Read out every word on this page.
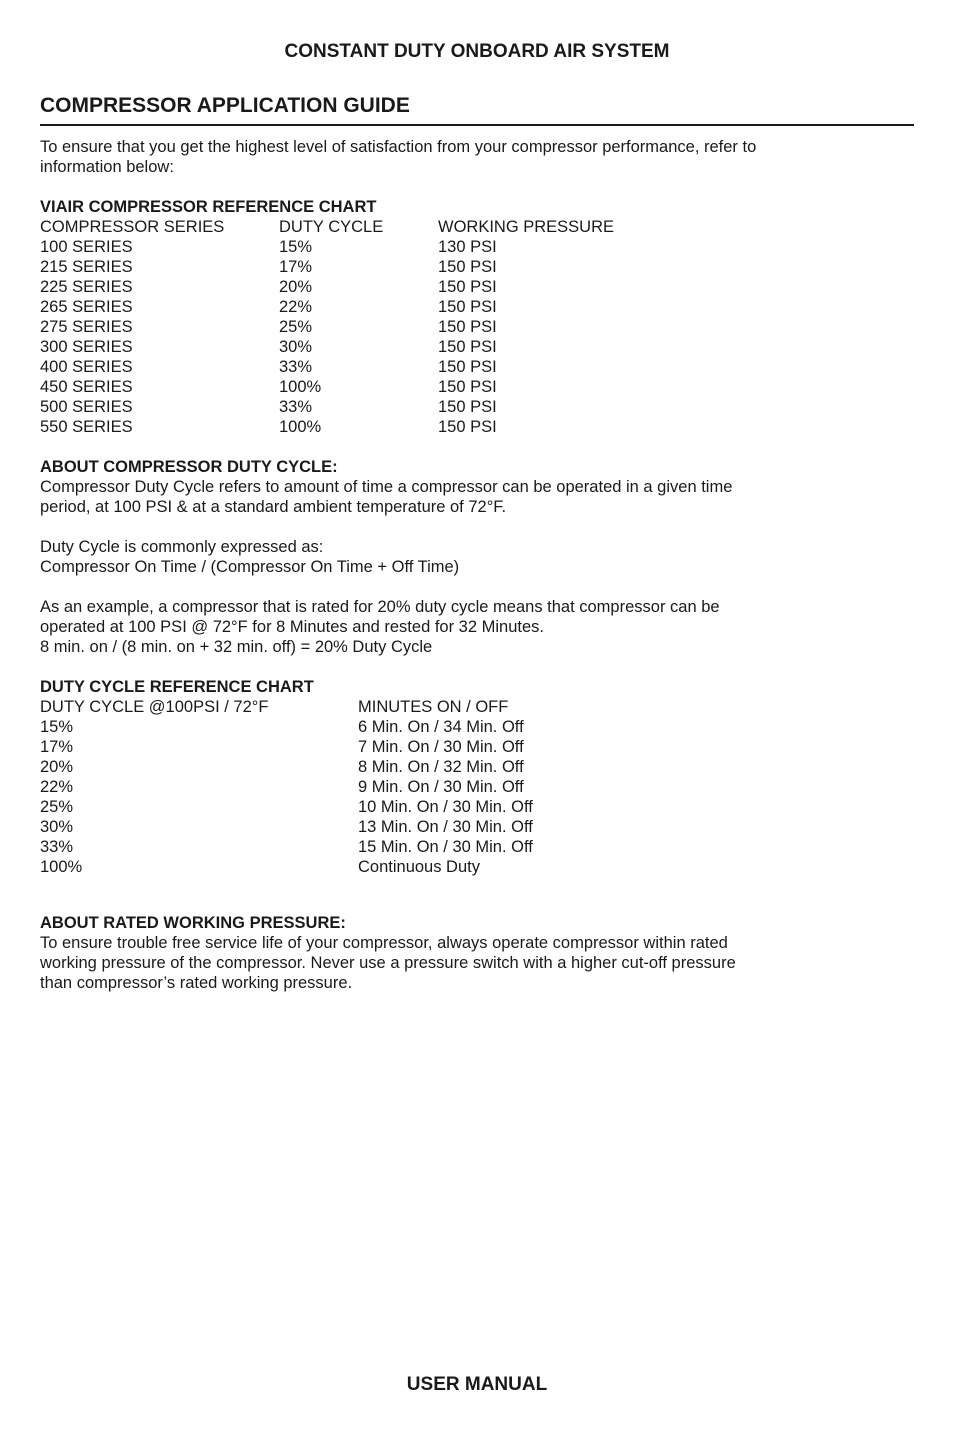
CONSTANT DUTY ONBOARD AIR SYSTEM
COMPRESSOR APPLICATION GUIDE

To ensure that you get the highest level of satisfaction from your compressor performance, refer to

information below:

VIAIR COMPRESSOR REFERENCE CHART

COMPRESSOR SERIES	DUTY CYCLE	WORKING PRESSURE
100 SERIES	15%	130 PSI
215 SERIES	17%	150 PSI
225 SERIES	20%	150 PSI
265 SERIES	22%	150 PSI
275 SERIES	25%	150 PSI
300 SERIES	30%	150 PSI
400 SERIES	33%	150 PSI
450 SERIES	100%	150 PSI
500 SERIES	33%	150 PSI
550 SERIES	100%	150 PSI

ABOUT COMPRESSOR DUTY CYCLE:

Compressor Duty Cycle refers to amount of time a compressor can be operated in a given time

period, at 100 PSI & at a standard ambient temperature of 72°F.

Duty Cycle is commonly expressed as:

Compressor On Time / (Compressor On Time + Off Time)

As an example, a compressor that is rated for 20% duty cycle means that compressor can be

operated at 100 PSI @ 72°F for 8 Minutes and rested for 32 Minutes.

8 min. on / (8 min. on + 32 min. off) = 20% Duty Cycle

DUTY CYCLE REFERENCE CHART

DUTY CYCLE @100PSI / 72°F	MINUTES ON / OFF
15%	6 Min. On / 34 Min. Off
17%	7 Min. On / 30 Min. Off
20%	8 Min. On / 32 Min. Off
22%	9 Min. On / 30 Min. Off
25%	10 Min. On / 30 Min. Off
30%	13 Min. On / 30 Min. Off
33%	15 Min. On / 30 Min. Off
100%	Continuous Duty

ABOUT RATED WORKING PRESSURE:

To ensure trouble free service life of your compressor, always operate compressor within rated

working pressure of the compressor. Never use a pressure switch with a higher cut-off pressure

than compressor’s rated working pressure.

USER MANUAL
